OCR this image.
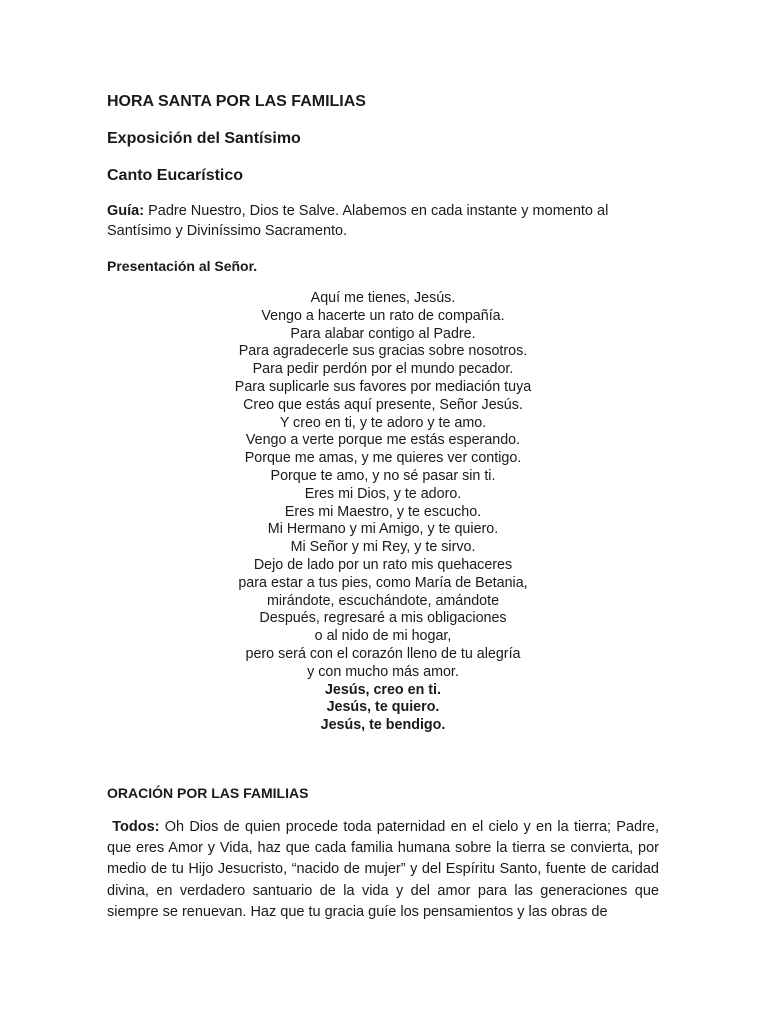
HORA SANTA POR LAS FAMILIAS
Exposición del Santísimo
Canto Eucarístico
Guía: Padre Nuestro, Dios te Salve. Alabemos en cada instante y momento al Santísimo y Diviníssimo Sacramento.
Presentación al Señor.
Aquí me tienes, Jesús.
Vengo a hacerte un rato de compañía.
Para alabar contigo al Padre.
Para agradecerle sus gracias sobre nosotros.
Para pedir perdón por el mundo pecador.
Para suplicarle sus favores por mediación tuya
Creo que estás aquí presente, Señor Jesús.
Y creo en ti, y te adoro y te amo.
Vengo a verte porque me estás esperando.
Porque me amas, y me quieres ver contigo.
Porque te amo, y no sé pasar sin ti.
Eres mi Dios, y te adoro.
Eres mi Maestro, y te escucho.
Mi Hermano y mi Amigo, y te quiero.
Mi Señor y mi Rey, y te sirvo.
Dejo de lado por un rato mis quehaceres
para estar a tus pies, como María de Betania,
mirándote, escuchándote, amándote
Después, regresaré a mis obligaciones
o al nido de mi hogar,
pero será con el corazón lleno de tu alegría
y con mucho más amor.
Jesús, creo en ti.
Jesús, te quiero.
Jesús, te bendigo.
ORACIÓN POR LAS FAMILIAS
Todos: Oh Dios de quien procede toda paternidad en el cielo y en la tierra; Padre, que eres Amor y Vida, haz que cada familia humana sobre la tierra se convierta, por medio de tu Hijo Jesucristo, “nacido de mujer” y del Espíritu Santo, fuente de caridad divina, en verdadero santuario de la vida y del amor para las generaciones que siempre se renuevan. Haz que tu gracia guíe los pensamientos y las obras de
